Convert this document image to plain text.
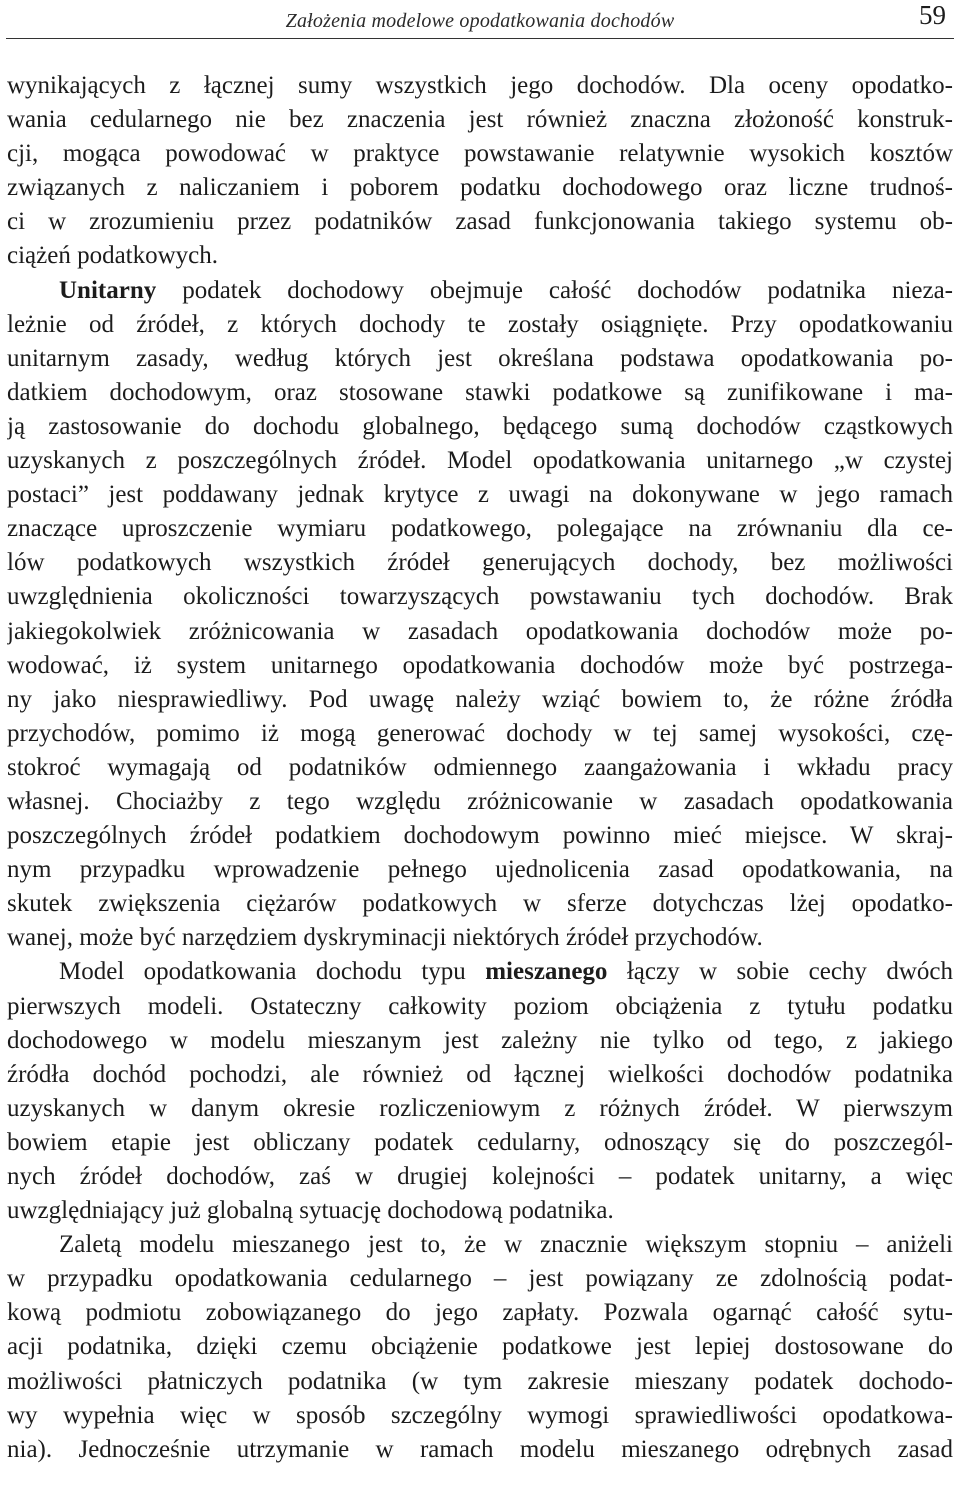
Założenia modelowe opodatkowania dochodów	59
wynikających z łącznej sumy wszystkich jego dochodów. Dla oceny opodatko-
wania cedularnego nie bez znaczenia jest również znaczna złożoność konstruk-
cji, mogąca powodować w praktyce powstawanie relatywnie wysokich kosztów
związanych z naliczaniem i poborem podatku dochodowego oraz liczne trudnoś-
ci w zrozumieniu przez podatników zasad funkcjonowania takiego systemu ob-
ciążeń podatkowych.
Unitarny podatek dochodowy obejmuje całość dochodów podatnika nieza-
leżnie od źródeł, z których dochody te zostały osiągnięte. Przy opodatkowaniu
unitarnym zasady, według których jest określana podstawa opodatkowania po-
datkiem dochodowym, oraz stosowane stawki podatkowe są zunifikowane i ma-
ją zastosowanie do dochodu globalnego, będącego sumą dochodów cząstkowych
uzyskanych z poszczególnych źródeł. Model opodatkowania unitarnego „w czystej
postaci” jest poddawany jednak krytyce z uwagi na dokonywane w jego ramach
znaczące uproszczenie wymiaru podatkowego, polegające na zrównaniu dla ce-
lów podatkowych wszystkich źródeł generujących dochody, bez możliwości
uwzględnienia okoliczności towarzyszących powstawaniu tych dochodów. Brak
jakiegokolwiek zróżnicowania w zasadach opodatkowania dochodów może po-
wodować, iż system unitarnego opodatkowania dochodów może być postrzega-
ny jako niesprawiedliwy. Pod uwagę należy wziąć bowiem to, że różne źródła
przychodów, pomimo iż mogą generować dochody w tej samej wysokości, czę-
stokroć wymagają od podatników odmiennego zaangażowania i wkładu pracy
własnej. Chociażby z tego względu zróżnicowanie w zasadach opodatkowania
poszczególnych źródeł podatkiem dochodowym powinno mieć miejsce. W skraj-
nym przypadku wprowadzenie pełnego ujednolicenia zasad opodatkowania, na
skutek zwiększenia ciężarów podatkowych w sferze dotychczas lżej opodatko-
wanej, może być narzędziem dyskryminacji niektórych źródeł przychodów.
Model opodatkowania dochodu typu mieszanego łączy w sobie cechy dwóch
pierwszych modeli. Ostateczny całkowity poziom obciążenia z tytułu podatku
dochodowego w modelu mieszanym jest zależny nie tylko od tego, z jakiego
źródła dochód pochodzi, ale również od łącznej wielkości dochodów podatnika
uzyskanych w danym okresie rozliczeniowym z różnych źródeł. W pierwszym
bowiem etapie jest obliczany podatek cedularny, odnoszący się do poszczegól-
nych źródeł dochodów, zaś w drugiej kolejności – podatek unitarny, a więc
uwzględniający już globalną sytuację dochodową podatnika.
Zaletą modelu mieszanego jest to, że w znacznie większym stopniu – aniżeli
w przypadku opodatkowania cedularnego – jest powiązany ze zdolnością podat-
kową podmiotu zobowiązanego do jego zapłaty. Pozwala ogarnąć całość sytu-
acji podatnika, dzięki czemu obciążenie podatkowe jest lepiej dostosowane do
możliwości płatniczych podatnika (w tym zakresie mieszany podatek dochodo-
wy wypełnia więc w sposób szczególny wymogi sprawiedliwości opodatkowa-
nia). Jednocześnie utrzymanie w ramach modelu mieszanego odrębnych zasad
